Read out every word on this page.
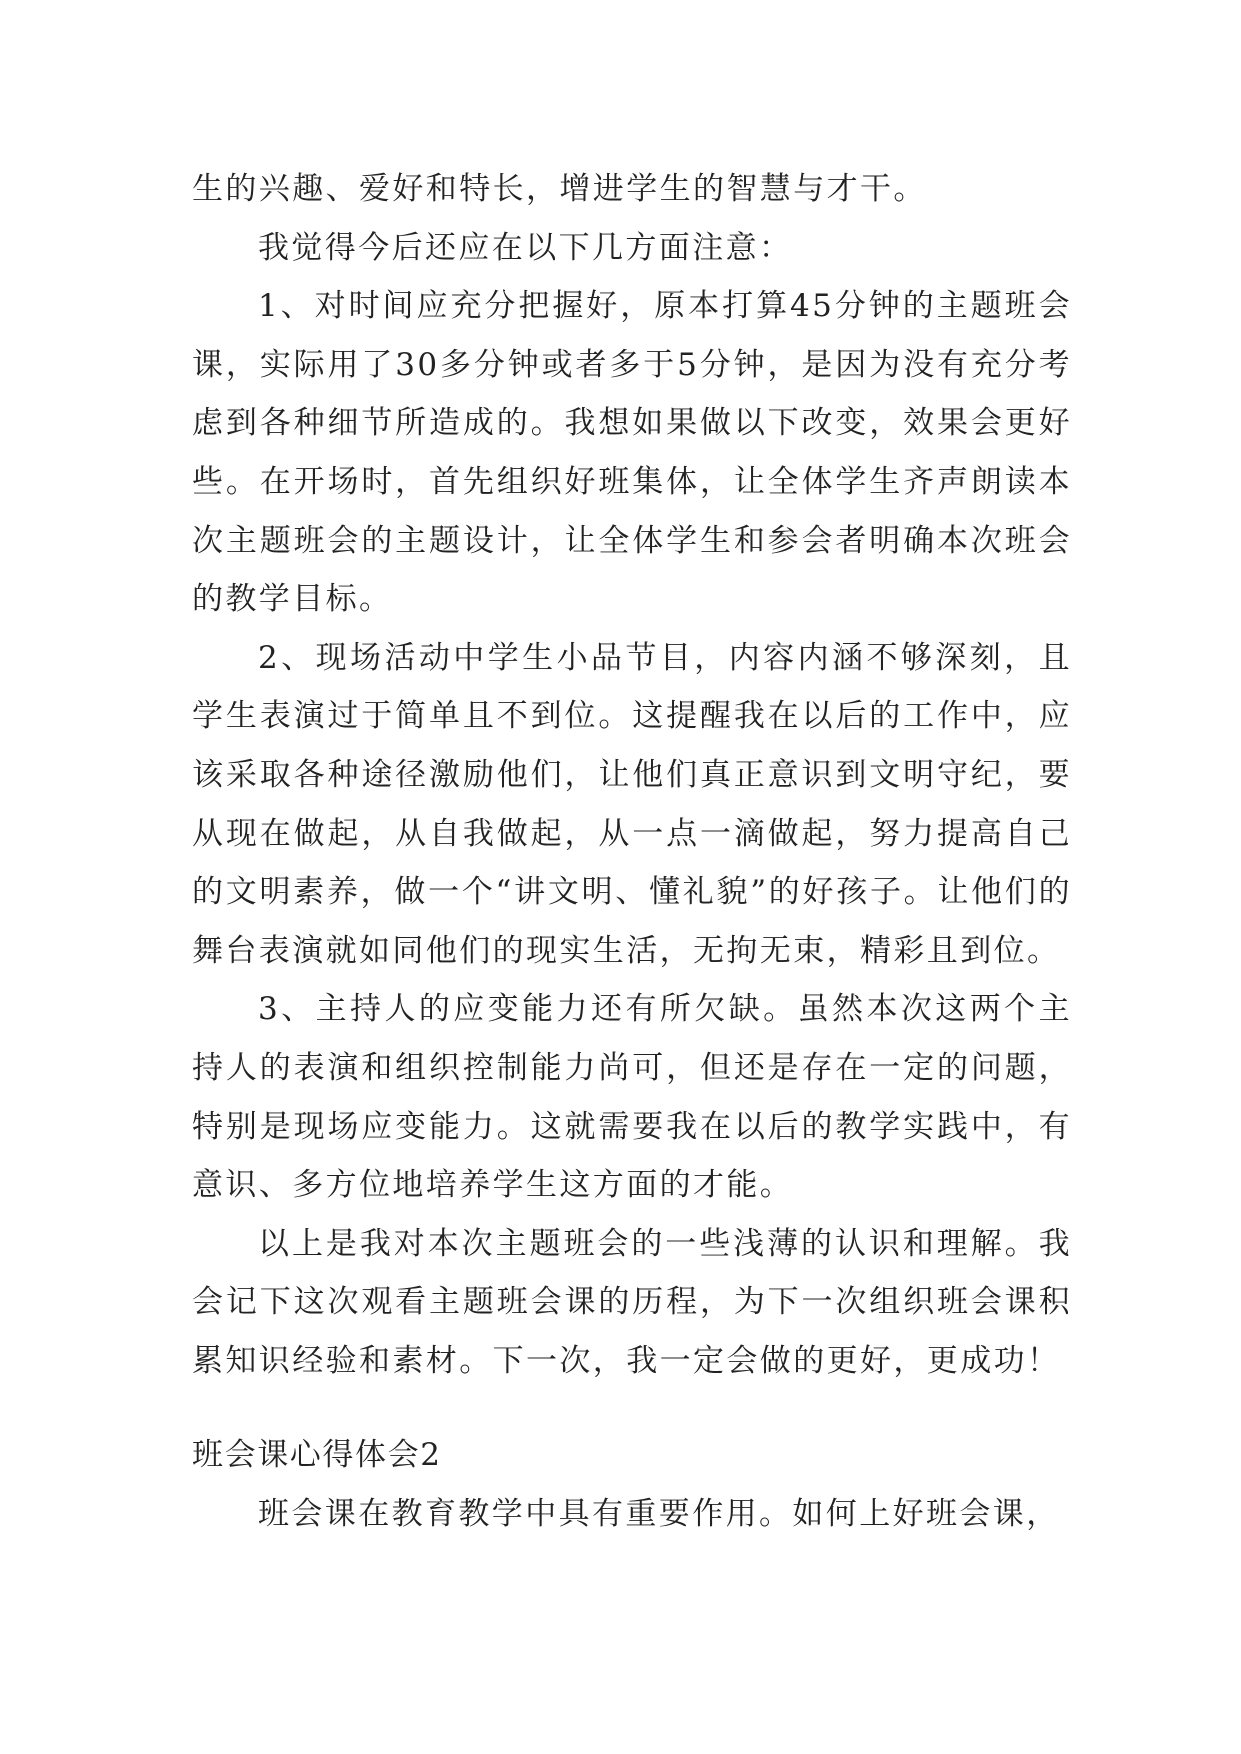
生的兴趣、爱好和特长，增进学生的智慧与才干。

我觉得今后还应在以下几方面注意：

1、对时间应充分把握好，原本打算45分钟的主题班会课，实际用了30多分钟或者多于5分钟，是因为没有充分考虑到各种细节所造成的。我想如果做以下改变，效果会更好些。在开场时，首先组织好班集体，让全体学生齐声朗读本次主题班会的主题设计，让全体学生和参会者明确本次班会的教学目标。

2、现场活动中学生小品节目，内容内涵不够深刻，且学生表演过于简单且不到位。这提醒我在以后的工作中，应该采取各种途径激励他们，让他们真正意识到文明守纪，要从现在做起，从自我做起，从一点一滴做起，努力提高自己的文明素养，做一个“讲文明、懂礼貌”的好孩子。让他们的舞台表演就如同他们的现实生活，无拘无束，精彩且到位。

3、主持人的应变能力还有所欠缺。虽然本次这两个主持人的表演和组织控制能力尚可，但还是存在一定的问题，特别是现场应变能力。这就需要我在以后的教学实践中，有意识、多方位地培养学生这方面的才能。

以上是我对本次主题班会的一些浅薄的认识和理解。我会记下这次观看主题班会课的历程，为下一次组织班会课积累知识经验和素材。下一次，我一定会做的更好，更成功！

班会课心得体会2

班会课在教育教学中具有重要作用。如何上好班会课，
